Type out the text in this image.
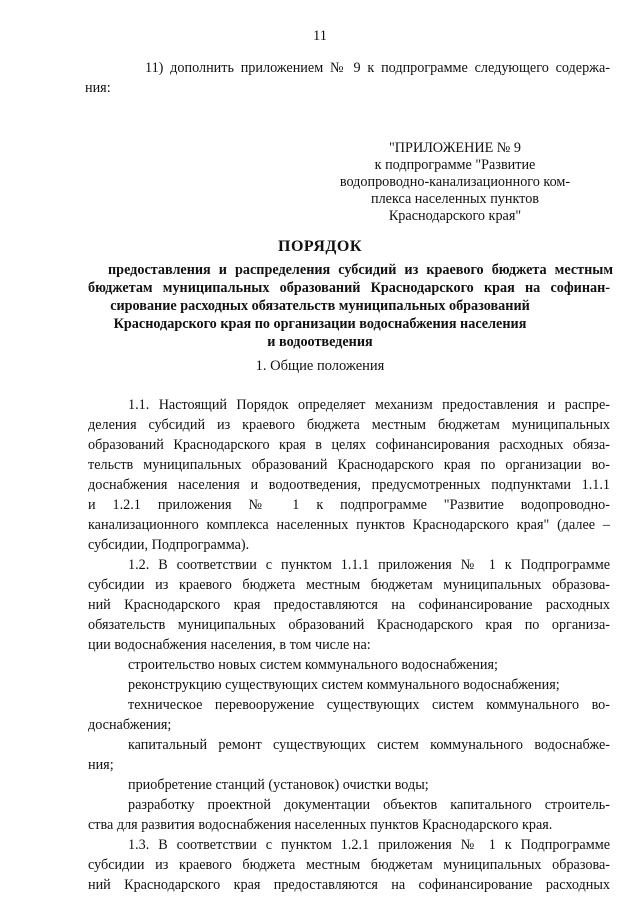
11
11) дополнить приложением № 9 к подпрограмме следующего содержа-
ния:
"ПРИЛОЖЕНИЕ № 9
к подпрограмме "Развитие
водопроводно-канализационного ком-
плекса населенных пунктов
Краснодарского края"
ПОРЯДОК
предоставления и распределения субсидий из краевого бюджета местным
бюджетам муниципальных образований Краснодарского края на софинан-
сирование расходных обязательств муниципальных образований
Краснодарского края по организации водоснабжения населения
и водоотведения
1. Общие положения
1.1. Настоящий Порядок определяет механизм предоставления и распре-
деления субсидий из краевого бюджета местным бюджетам муниципальных
образований Краснодарского края в целях софинансирования расходных обяза-
тельств муниципальных образований Краснодарского края по организации во-
доснабжения населения и водоотведения, предусмотренных подпунктами 1.1.1
и 1.2.1 приложения № 1 к подпрограмме "Развитие водопроводно-
канализационного комплекса населенных пунктов Краснодарского края" (далее –
субсидии, Подпрограмма).
1.2. В соответствии с пунктом 1.1.1 приложения № 1 к Подпрограмме
субсидии из краевого бюджета местным бюджетам муниципальных образова-
ний Краснодарского края предоставляются на софинансирование расходных
обязательств муниципальных образований Краснодарского края по организа-
ции водоснабжения населения, в том числе на:
строительство новых систем коммунального водоснабжения;
реконструкцию существующих систем коммунального водоснабжения;
техническое перевооружение существующих систем коммунального во-
доснабжения;
капитальный ремонт существующих систем коммунального водоснабже-
ния;
приобретение станций (установок) очистки воды;
разработку проектной документации объектов капитального строитель-
ства для развития водоснабжения населенных пунктов Краснодарского края.
1.3. В соответствии с пунктом 1.2.1 приложения № 1 к Подпрограмме
субсидии из краевого бюджета местным бюджетам муниципальных образова-
ний Краснодарского края предоставляются на софинансирование расходных
